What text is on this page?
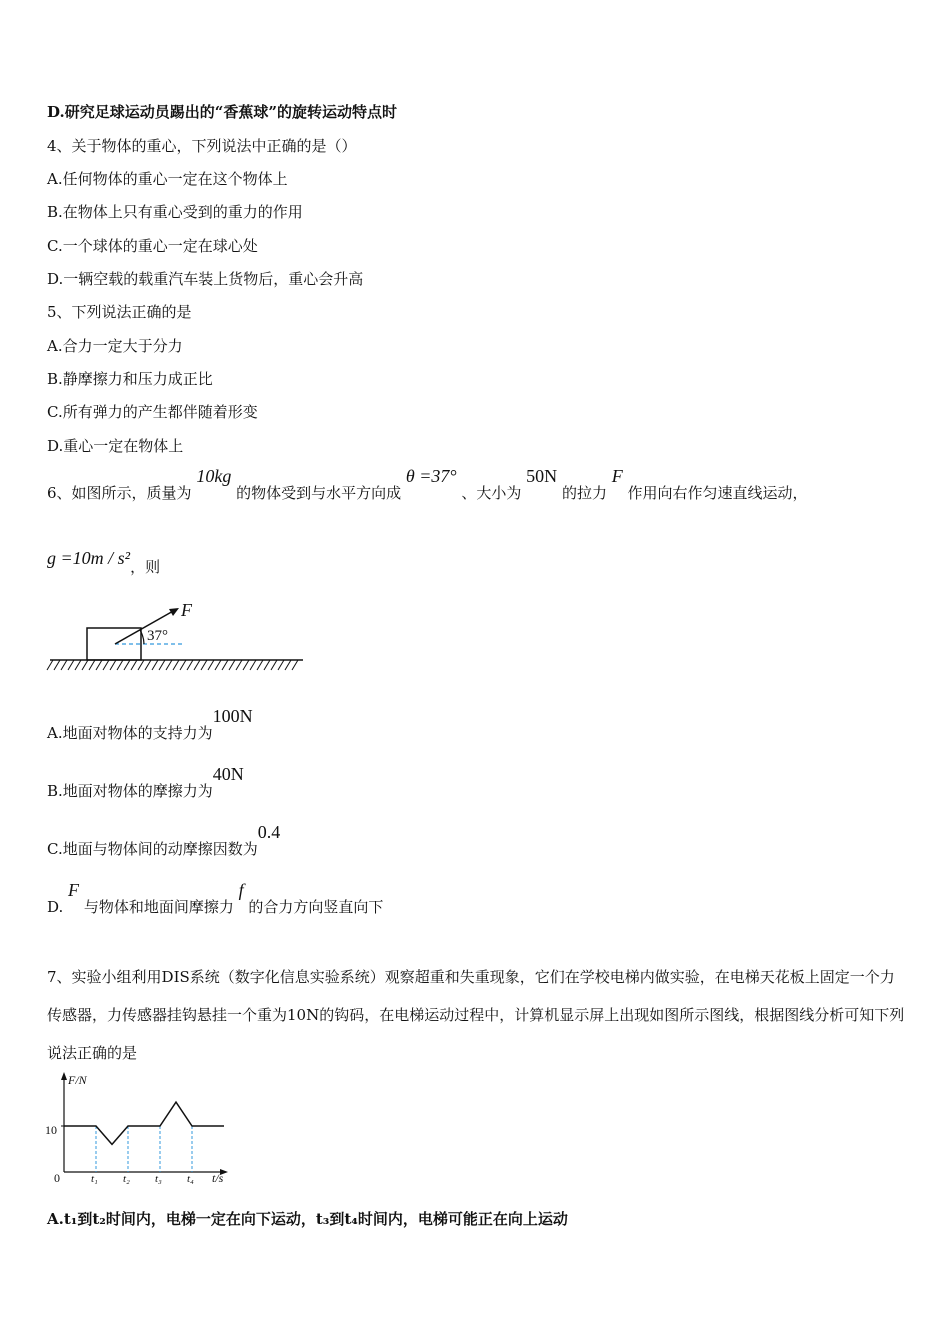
D.研究足球运动员踢出的“香蕉球”的旋转运动特点时
4、关于物体的重心，下列说法中正确的是（）
A.任何物体的重心一定在这个物体上
B.在物体上只有重心受到的重力的作用
C.一个球体的重心一定在球心处
D.一辆空载的载重汽车装上货物后，重心会升高
5、下列说法正确的是
A.合力一定大于分力
B.静摩擦力和压力成正比
C.所有弹力的产生都伴随着形变
D.重心一定在物体上
6、如图所示，质量为 10kg 的物体受到与水平方向成 θ =37° 、大小为 50N 的拉力 F 作用向右作匀速直线运动，
g =10m / s²，则
F
37°
A.地面对物体的支持力为100N
B.地面对物体的摩擦力为40N
C.地面与物体间的动摩擦因数为0.4
D. F 与物体和地面间摩擦力 f 的合力方向竖直向下
7、实验小组利用DIS系统（数字化信息实验系统）观察超重和失重现象，它们在学校电梯内做实验，在电梯天花板上固定一个力传感器，力传感器挂钩悬挂一个重为10N的钩码，在电梯运动过程中，计算机显示屏上出现如图所示图线，根据图线分析可知下列说法正确的是
F/N
t/s
0
10
t₁ t₂ t₃ t₄
A.t₁到t₂时间内，电梯一定在向下运动，t₃到t₄时间内，电梯可能正在向上运动
